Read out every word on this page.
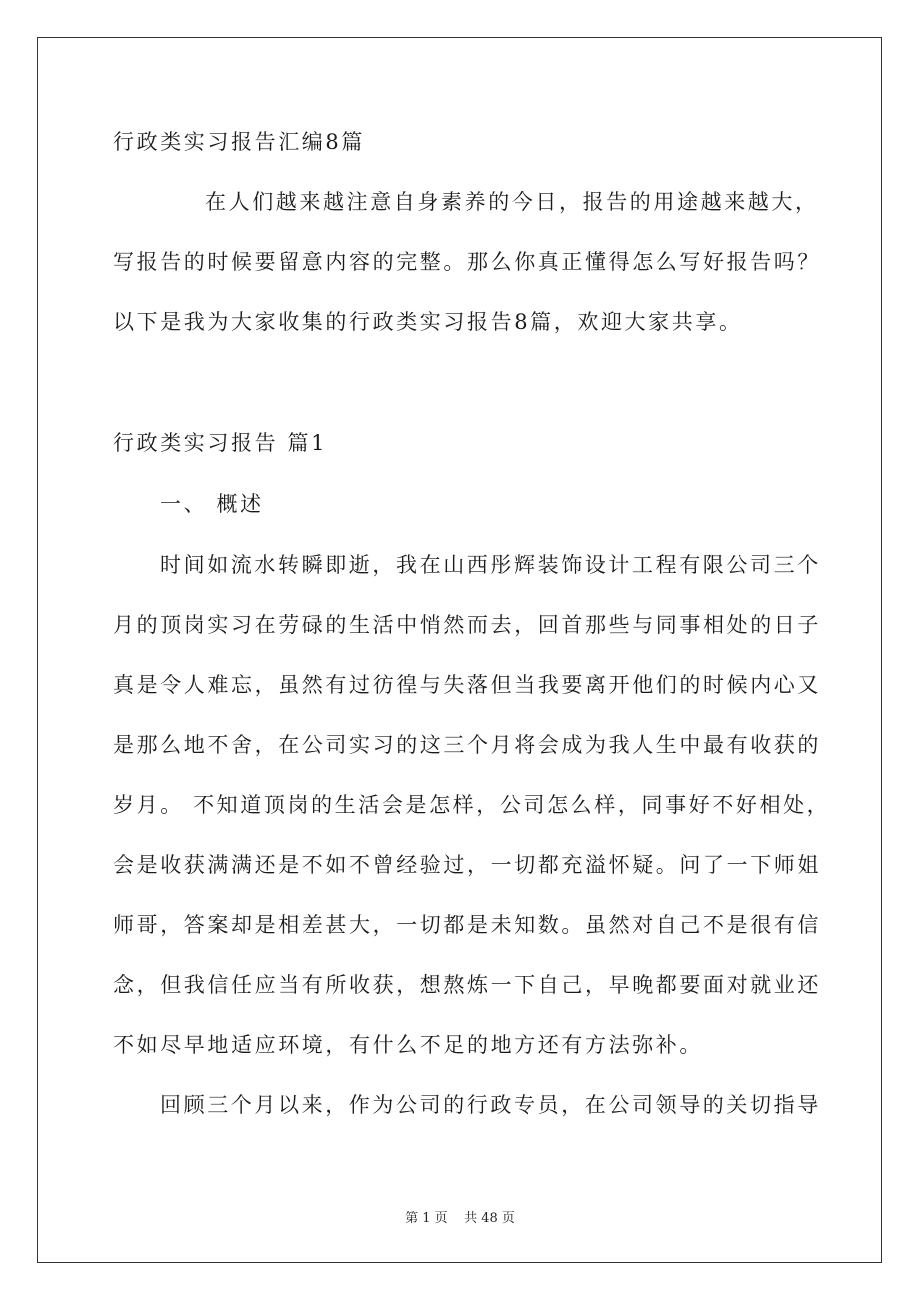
行政类实习报告汇编8篇
在人们越来越注意自身素养的今日，报告的用途越来越大，
写报告的时候要留意内容的完整。那么你真正懂得怎么写好报告吗？
以下是我为大家收集的行政类实习报告8篇，欢迎大家共享。
行政类实习报告 篇1
一、 概述
时间如流水转瞬即逝，我在山西彤辉装饰设计工程有限公司三个
月的顶岗实习在劳碌的生活中悄然而去，回首那些与同事相处的日子
真是令人难忘，虽然有过彷徨与失落但当我要离开他们的时候内心又
是那么地不舍，在公司实习的这三个月将会成为我人生中最有收获的
岁月。 不知道顶岗的生活会是怎样，公司怎么样，同事好不好相处，
会是收获满满还是不如不曾经验过，一切都充溢怀疑。问了一下师姐
师哥，答案却是相差甚大，一切都是未知数。虽然对自己不是很有信
念，但我信任应当有所收获，想熬炼一下自己，早晚都要面对就业还
不如尽早地适应环境，有什么不足的地方还有方法弥补。
回顾三个月以来，作为公司的行政专员，在公司领导的关切指导
第 1 页    共 48 页
